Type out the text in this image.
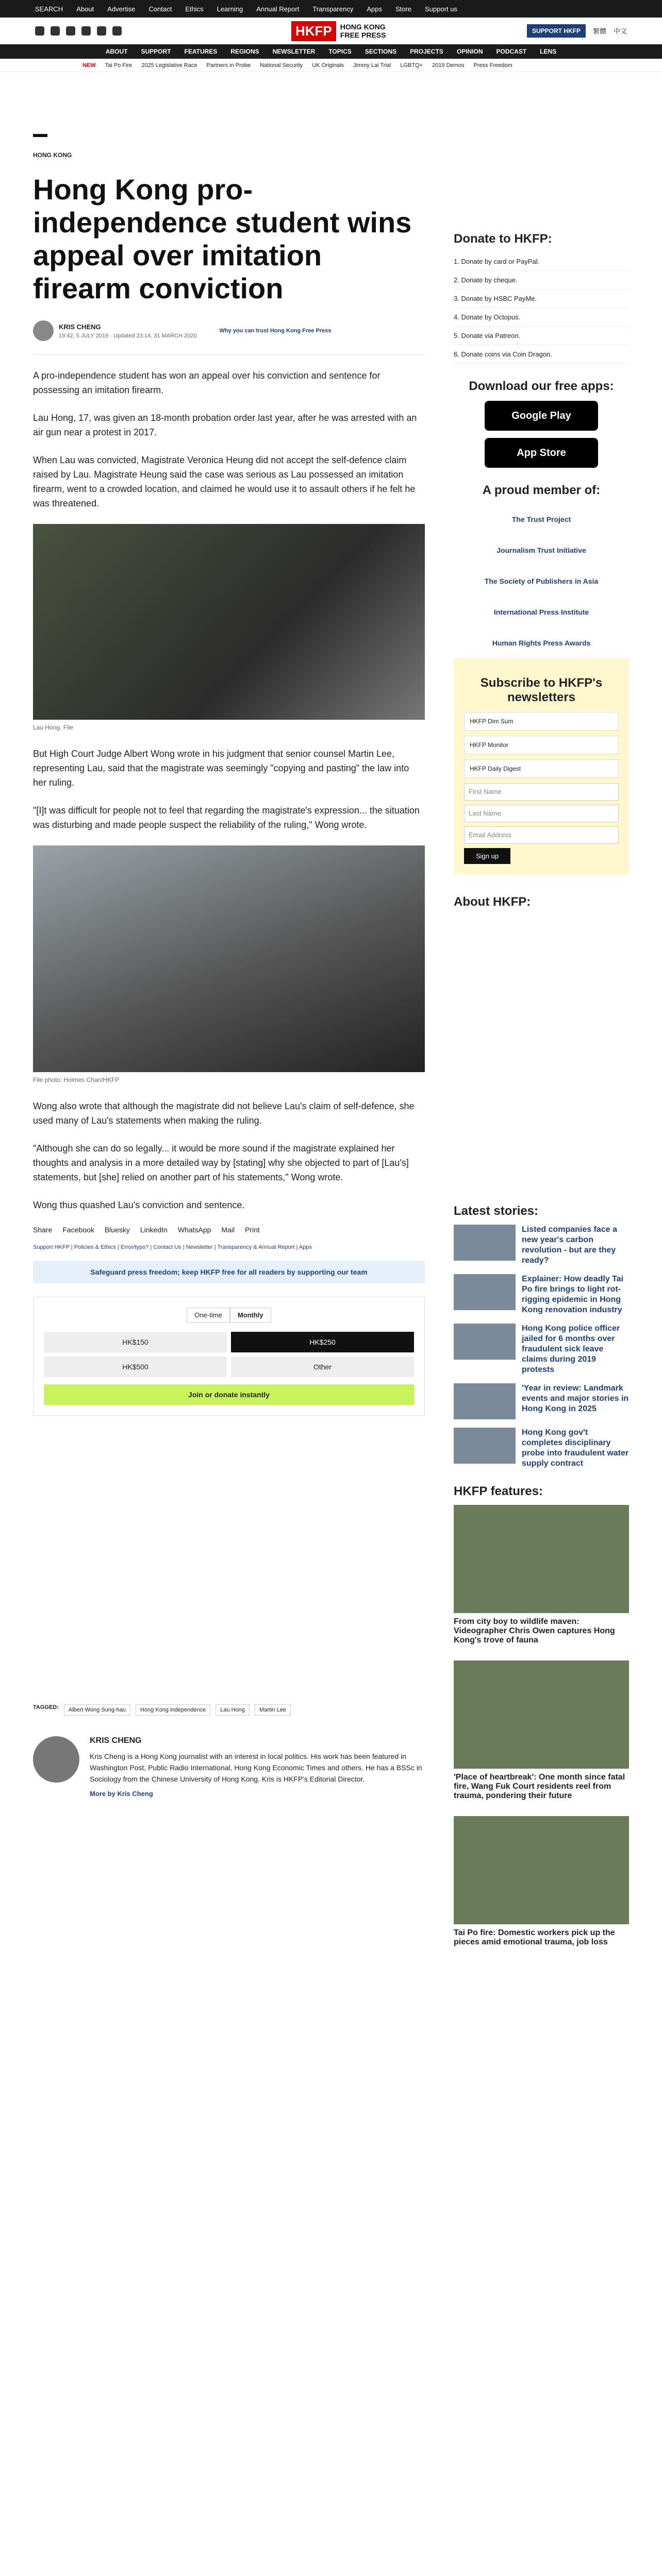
SEARCH About Advertise Contact Ethics Learning Annual Report Transparency Apps Store Support us
SUPPORT HKFP	繁體 中文
HKFP	HONG KONG FREE PRESS
ABOUT SUPPORT FEATURES REGIONS NEWSLETTER TOPICS SECTIONS PROJECTS OPINION PODCAST LENS
NEW Tai Po Fire 2025 Legislative Race Partners in Probe National Security UK Originals Jimmy Lai Trial LGBTQ+ 2019 Demos Press Freedom
HONG KONG
Hong Kong pro-independence student wins appeal over imitation firearm conviction
KRIS CHENG
19:42, 5 JULY 2019 · Updated 23:14, 31 MARCH 2020
Why you can trust Hong Kong Free Press

A pro-independence student has won an appeal over his conviction and sentence for possessing an imitation firearm.

Lau Hong, 17, was given an 18-month probation order last year, after he was arrested with an air gun near a protest in 2017.

When Lau was convicted, Magistrate Veronica Heung did not accept the self-defence claim raised by Lau. Magistrate Heung said the case was serious as Lau possessed an imitation firearm, went to a crowded location, and claimed he would use it to assault others if he felt he was threatened.

Lau Hong. File

But High Court Judge Albert Wong wrote in his judgment that senior counsel Martin Lee, representing Lau, said that the magistrate was seemingly "copying and pasting" the law into her ruling.

"[I]t was difficult for people not to feel that regarding the magistrate's expression... the situation was disturbing and made people suspect the reliability of the ruling," Wong wrote.

File photo: Holmes Chan/HKFP

Wong also wrote that although the magistrate did not believe Lau's claim of self-defence, she used many of Lau's statements when making the ruling.

"Although she can do so legally... it would be more sound if the magistrate explained her thoughts and analysis in a more detailed way by [stating] why she objected to part of [Lau's] statements, but [she] relied on another part of his statements," Wong wrote.

Wong thus quashed Lau's conviction and sentence.

Share Facebook Bluesky LinkedIn WhatsApp Mail Print
Support HKFP | Policies & Ethics | Error/typo? | Contact Us | Newsletter | Transparency & Annual Report | Apps
Safeguard press freedom; keep HKFP free for all readers by supporting our team
One-time	Monthly
HK$150	HK$250
HK$500	Other
Join or donate instantly
TAGGED:	Albert Wong Sung-hau	Hong Kong independence	Lau Hong	Martin Lee
KRIS CHENG
Kris Cheng is a Hong Kong journalist with an interest in local politics. His work has been featured in Washington Post, Public Radio International, Hong Kong Economic Times and others. He has a BSSc in Sociology from the Chinese University of Hong Kong. Kris is HKFP's Editorial Director.
More by Kris Cheng
Donate to HKFP:
1. Donate by card or PayPal.
2. Donate by cheque.
3. Donate by HSBC PayMe.
4. Donate by Octopus.
5. Donate via Patreon.
6. Donate coins via Coin Dragon.
Download our free apps:
Google Play
App Store
A proud member of:
The Trust Project
Journalism Trust Initiative
The Society of Publishers in Asia
International Press Institute
Human Rights Press Awards
Subscribe to HKFP's newsletters
HKFP Dim Sum
HKFP Monitor
HKFP Daily Digest
First Name
Last Name
Email Address
Sign up
About HKFP:
Latest stories:
Listed companies face a new year's carbon revolution - but are they ready?
Explainer: How deadly Tai Po fire brings to light rot-rigging epidemic in Hong Kong renovation industry
Hong Kong police officer jailed for 6 months over fraudulent sick leave claims during 2019 protests
'Year in review: Landmark events and major stories in Hong Kong in 2025
Hong Kong gov't completes disciplinary probe into fraudulent water supply contract
HKFP features:
From city boy to wildlife maven: Videographer Chris Owen captures Hong Kong's trove of fauna
'Place of heartbreak': One month since fatal fire, Wang Fuk Court residents reel from trauma, pondering their future
Tai Po fire: Domestic workers pick up the pieces amid emotional trauma, job loss
